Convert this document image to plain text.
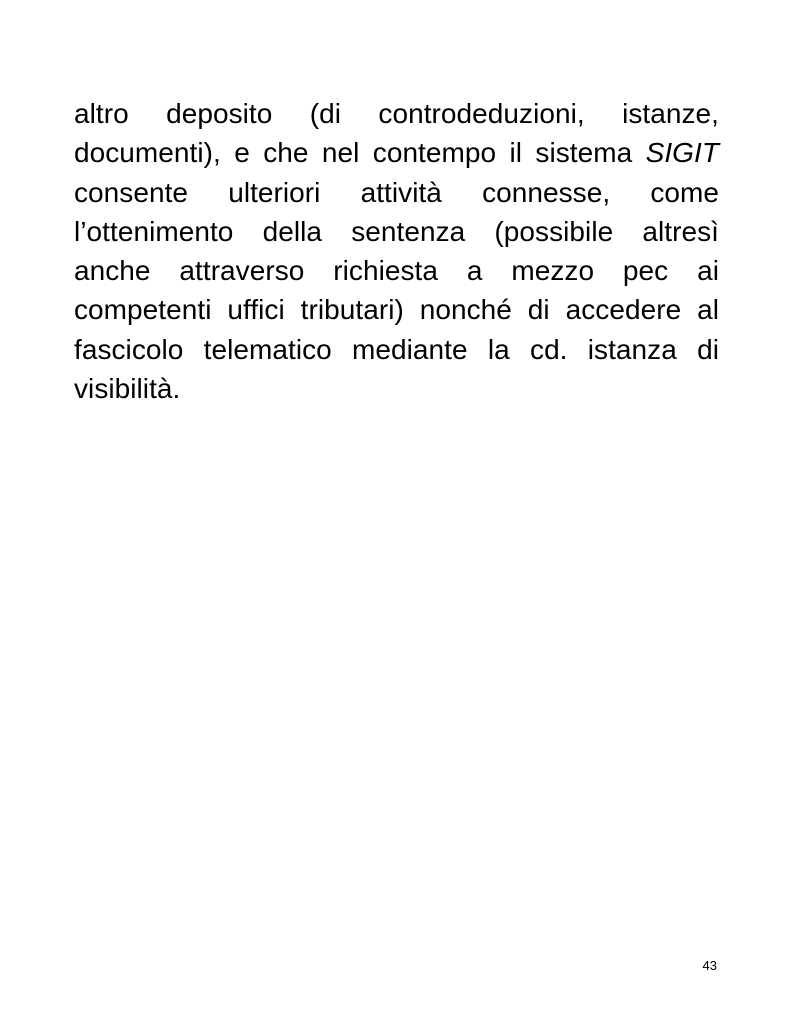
altro deposito (di controdeduzioni, istanze,
documenti), e che nel contempo il sistema SIGIT
consente ulteriori attività connesse, come
l’ottenimento della sentenza (possibile altresì
anche attraverso richiesta a mezzo pec ai
competenti uffici tributari) nonché di accedere al
fascicolo telematico mediante la cd. istanza di
visibilità.

43
